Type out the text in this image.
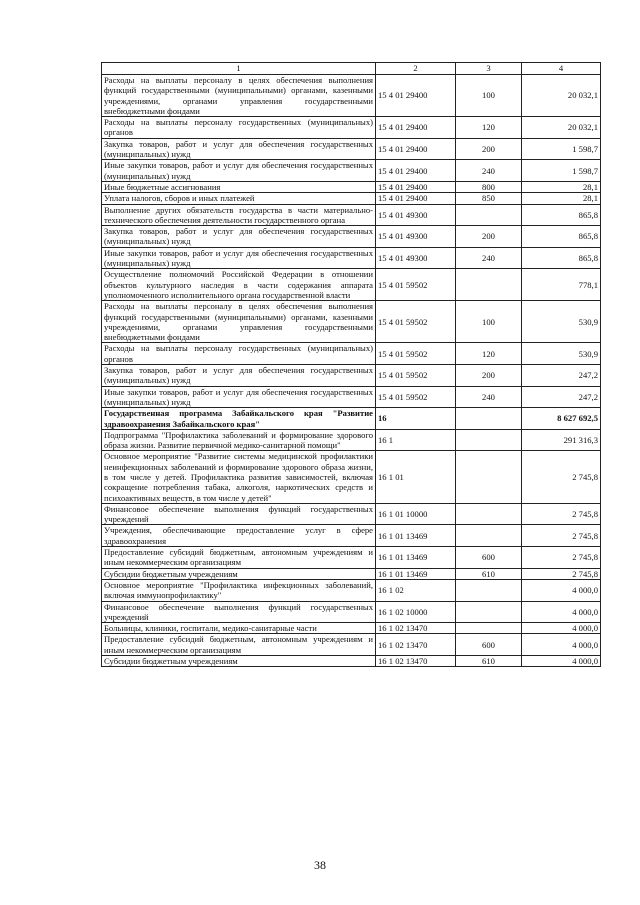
1	2	3	4
Расходы на выплаты персоналу в целях обеспечения выполнения функций государственными (муниципальными) органами, казенными учреждениями, органами управления государственными внебюджетными фондами	15 4 01 29400	100	20 032,1
Расходы на выплаты персоналу государственных (муниципальных) органов	15 4 01 29400	120	20 032,1
Закупка товаров, работ и услуг для обеспечения государственных (муниципальных) нужд	15 4 01 29400	200	1 598,7
Иные закупки товаров, работ и услуг для обеспечения государственных (муниципальных) нужд	15 4 01 29400	240	1 598,7
Иные бюджетные ассигнования	15 4 01 29400	800	28,1
Уплата налогов, сборов и иных платежей	15 4 01 29400	850	28,1
Выполнение других обязательств государства в части материально-технического обеспечения деятельности государственного органа	15 4 01 49300		865,8
Закупка товаров, работ и услуг для обеспечения государственных (муниципальных) нужд	15 4 01 49300	200	865,8
Иные закупки товаров, работ и услуг для обеспечения государственных (муниципальных) нужд	15 4 01 49300	240	865,8
Осуществление полномочий Российской Федерации в отношении объектов культурного наследия в части содержания аппарата уполномоченного исполнительного органа государственной власти	15 4 01 59502		778,1
Расходы на выплаты персоналу в целях обеспечения выполнения функций государственными (муниципальными) органами, казенными учреждениями, органами управления государственными внебюджетными фондами	15 4 01 59502	100	530,9
Расходы на выплаты персоналу государственных (муниципальных) органов	15 4 01 59502	120	530,9
Закупка товаров, работ и услуг для обеспечения государственных (муниципальных) нужд	15 4 01 59502	200	247,2
Иные закупки товаров, работ и услуг для обеспечения государственных (муниципальных) нужд	15 4 01 59502	240	247,2
Государственная программа Забайкальского края "Развитие здравоохранения Забайкальского края"	16		8 627 692,5
Подпрограмма "Профилактика заболеваний и формирование здорового образа жизни. Развитие первичной медико-санитарной помощи"	16 1		291 316,3
Основное мероприятие "Развитие системы медицинской профилактики неинфекционных заболеваний и формирование здорового образа жизни, в том числе у детей. Профилактика развития зависимостей, включая сокращение потребления табака, алкоголя, наркотических средств и психоактивных веществ, в том числе у детей"	16 1 01		2 745,8
Финансовое обеспечение выполнения функций государственных учреждений	16 1 01 10000		2 745,8
Учреждения, обеспечивающие предоставление услуг в сфере здравоохранения	16 1 01 13469		2 745,8
Предоставление субсидий бюджетным, автономным учреждениям и иным некоммерческим организациям	16 1 01 13469	600	2 745,8
Субсидии бюджетным учреждениям	16 1 01 13469	610	2 745,8
Основное мероприятие "Профилактика инфекционных заболеваний, включая иммунопрофилактику"	16 1 02		4 000,0
Финансовое обеспечение выполнения функций государственных учреждений	16 1 02 10000		4 000,0
Больницы, клиники, госпитали, медико-санитарные части	16 1 02 13470		4 000,0
Предоставление субсидий бюджетным, автономным учреждениям и иным некоммерческим организациям	16 1 02 13470	600	4 000,0
Субсидии бюджетным учреждениям	16 1 02 13470	610	4 000,0
38
